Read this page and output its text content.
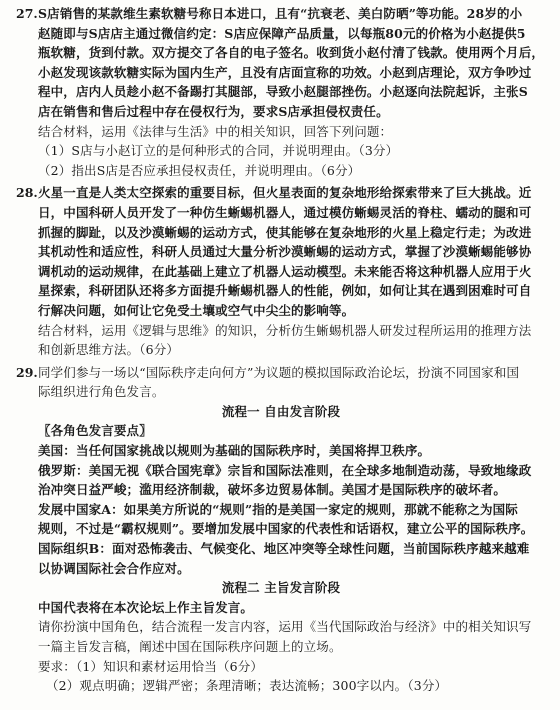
27. S店销售的某款维生素软糖号称日本进口，且有“抗衰老、美白防晒”等功能。28岁的小
赵随即与S店店主通过微信约定：S店应保障产品质量，以每瓶80元的价格为小赵提供5
瓶软糖，货到付款。双方提交了各自的电子签名。收到货小赵付清了钱款。使用两个月后，
小赵发现该款软糖实际为国内生产，且没有店面宣称的功效。小赵到店理论，双方争吵过
程中，店内人员趁小赵不备踢打其腿部，导致小赵腿部挫伤。小赵逐向法院起诉，主张S
店在销售和售后过程中存在侵权行为，要求S店承担侵权责任。
结合材料，运用《法律与生活》中的相关知识，回答下列问题：
（1）S店与小赵订立的是何种形式的合同，并说明理由。（3分）
（2）指出S店是否应承担侵权责任，并说明理由。（6分）
28. 火星一直是人类太空探索的重要目标，但火星表面的复杂地形给探索带来了巨大挑战。近
日，中国科研人员开发了一种仿生蜥蜴机器人，通过模仿蜥蜴灵活的脊柱、蠕动的腿和可
抓握的脚趾，以及沙漠蜥蜴的运动方式，使其能够在复杂地形的火星上稳定行走；为改进
其机动性和适应性，科研人员通过大量分析沙漠蜥蜴的运动方式，掌握了沙漠蜥蜴能够协
调机动的运动规律，在此基础上建立了机器人运动模型。未来能否将这种机器人应用于火
星探索，科研团队还将多方面提升蜥蜴机器人的性能，例如，如何让其在遇到困难时可自
行解决问题，如何让它免受土壤或空气中尖尘的影响等。
结合材料，运用《逻辑与思维》的知识，分析仿生蜥蜴机器人研发过程所运用的推理方法
和创新思维方法。（6分）
29. 同学们参与一场以“国际秩序走向何方”为议题的模拟国际政治论坛，扮演不同国家和国
际组织进行角色发言。
流程一 自由发言阶段
〖各角色发言要点〗
美国：当任何国家挑战以规则为基础的国际秩序时，美国将捍卫秩序。
俄罗斯：美国无视《联合国宪章》宗旨和国际法准则，在全球多地制造动荡，导致地缘政
治冲突日益严峻；滥用经济制裁，破坏多边贸易体制。美国才是国际秩序的破坏者。
发展中国家A：如果美方所说的“规则”指的是美国一家定的规则，那就不能称之为国际
规则，不过是“霸权规则”。要增加发展中国家的代表性和话语权，建立公平的国际秩序。
国际组织B：面对恐怖袭击、气候变化、地区冲突等全球性问题，当前国际秩序越来越难
以协调国际社会合作应对。
流程二 主旨发言阶段
中国代表将在本次论坛上作主旨发言。
请你扮演中国角色，结合流程一发言内容，运用《当代国际政治与经济》中的相关知识写
一篇主旨发言稿，阐述中国在国际秩序问题上的立场。
要求：（1）知识和素材运用恰当（6分）
（2）观点明确；逻辑严密；条理清晰；表达流畅；300字以内。（3分）
